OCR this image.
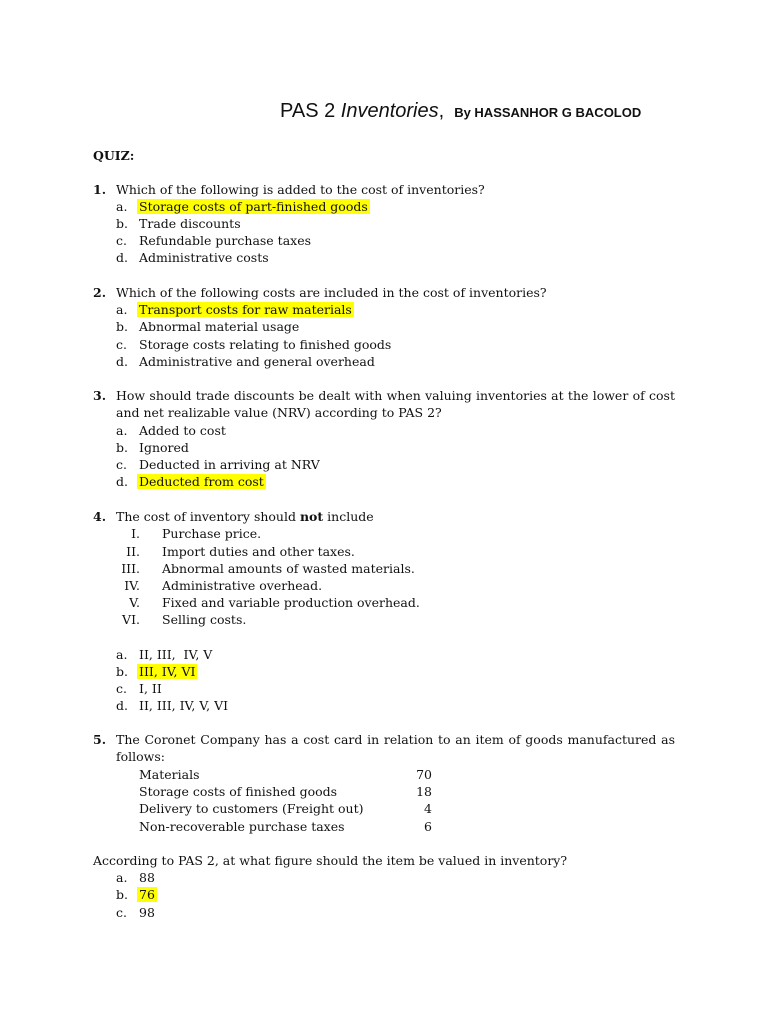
PAS 2 Inventories, By HASSANHOR G BACOLOD
QUIZ:
1. Which of the following is added to the cost of inventories?
a. Storage costs of part-finished goods
b. Trade discounts
c. Refundable purchase taxes
d. Administrative costs
2. Which of the following costs are included in the cost of inventories?
a. Transport costs for raw materials
b. Abnormal material usage
c. Storage costs relating to finished goods
d. Administrative and general overhead
3. How should trade discounts be dealt with when valuing inventories at the lower of cost and net realizable value (NRV) according to PAS 2?
a. Added to cost
b. Ignored
c. Deducted in arriving at NRV
d. Deducted from cost
4. The cost of inventory should not include
I. Purchase price.
II. Import duties and other taxes.
III. Abnormal amounts of wasted materials.
IV. Administrative overhead.
V. Fixed and variable production overhead.
VI. Selling costs.
a. II, III,  IV, V
b. III, IV, VI
c. I, II
d. II, III, IV, V, VI
5. The Coronet Company has a cost card in relation to an item of goods manufactured as follows:
Materials	70
Storage costs of finished goods	18
Delivery to customers (Freight out)	4
Non-recoverable purchase taxes	6
According to PAS 2, at what figure should the item be valued in inventory?
a. 88
b. 76
c. 98
